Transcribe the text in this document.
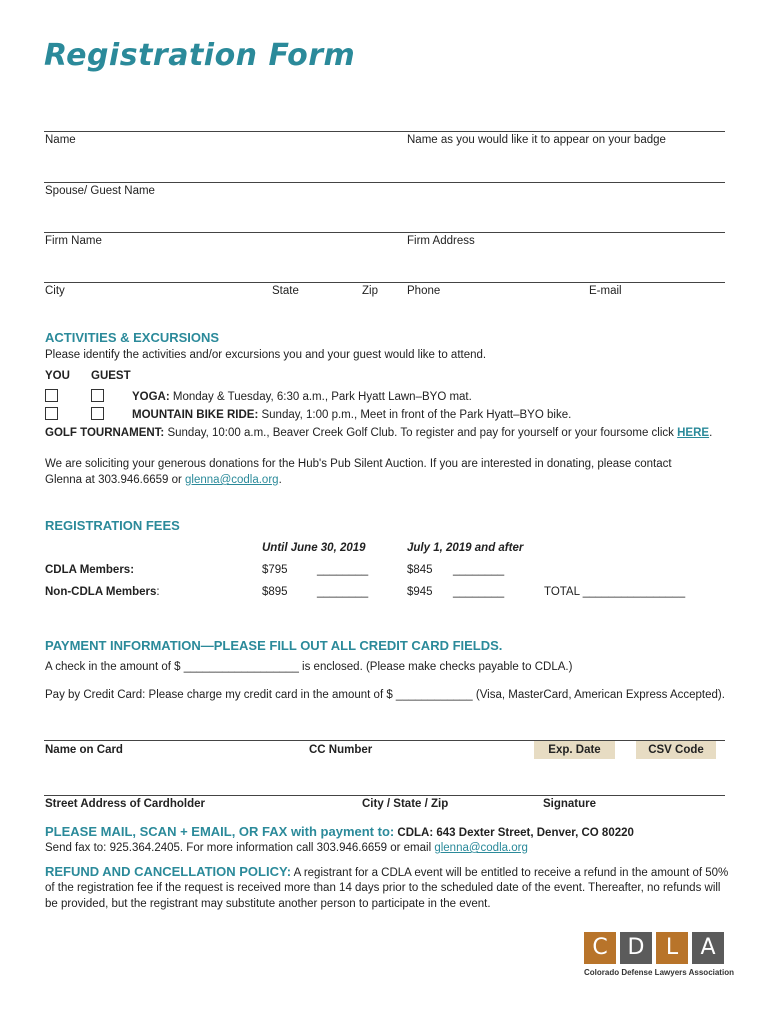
Registration Form
Name	Name as you would like it to appear on your badge
Spouse/ Guest Name
Firm Name	Firm Address
City	State	Zip	Phone	E-mail
ACTIVITIES & EXCURSIONS
Please identify the activities and/or excursions you and your guest would like to attend.
YOU GUEST
YOGA: Monday & Tuesday, 6:30 a.m., Park Hyatt Lawn–BYO mat.
MOUNTAIN BIKE RIDE: Sunday, 1:00 p.m., Meet in front of the Park Hyatt–BYO bike.
GOLF TOURNAMENT: Sunday, 10:00 a.m., Beaver Creek Golf Club. To register and pay for yourself or your foursome click HERE.
We are soliciting your generous donations for the Hub's Pub Silent Auction. If you are interested in donating, please contact
Glenna at 303.946.6659 or glenna@codla.org.
REGISTRATION FEES
Until June 30, 2019	July 1, 2019 and after
CDLA Members:	$795	________	$845 ________
Non-CDLA Members:	$895	________	$945 ________	TOTAL ________________
PAYMENT INFORMATION—PLEASE FILL OUT ALL CREDIT CARD FIELDS.
A check in the amount of $ __________________ is enclosed. (Please make checks payable to CDLA.)
Pay by Credit Card: Please charge my credit card in the amount of $ ____________ (Visa, MasterCard, American Express Accepted).
Name on Card	CC Number	Exp. Date	CSV Code
Street Address of Cardholder	City / State / Zip	Signature
PLEASE MAIL, SCAN + EMAIL, OR FAX with payment to: CDLA: 643 Dexter Street, Denver, CO 80220
Send fax to: 925.364.2405. For more information call 303.946.6659 or email glenna@codla.org
REFUND AND CANCELLATION POLICY: A registrant for a CDLA event will be entitled to receive a refund in the amount of 50%
of the registration fee if the request is received more than 14 days prior to the scheduled date of the event. Thereafter, no refunds will
be provided, but the registrant may substitute another person to participate in the event.
C D L	A
Colorado Defense Lawyers Association
